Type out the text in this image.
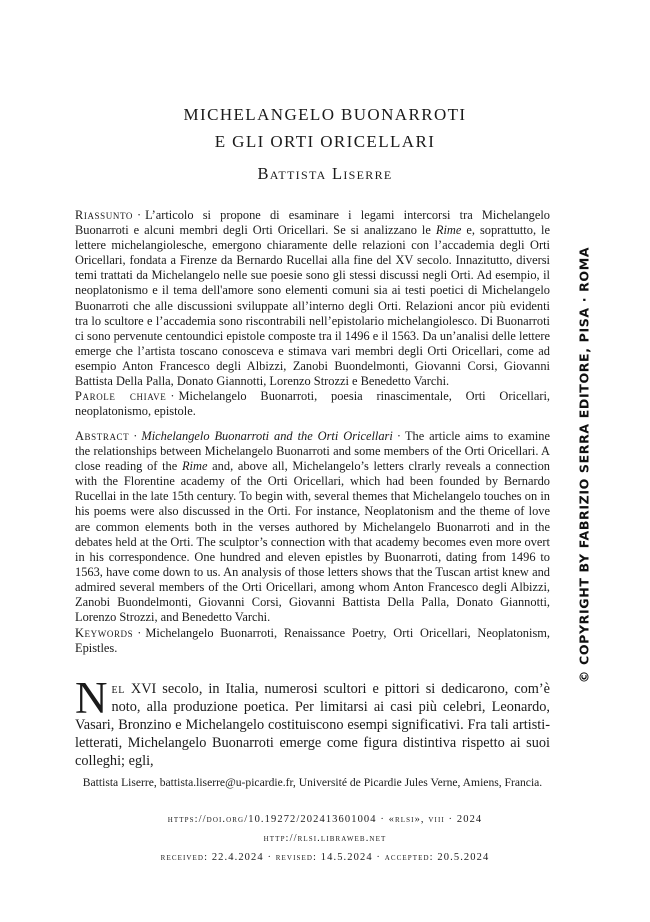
MICHELANGELO BUONARROTI
E GLI ORTI ORICELLARI

Battista Liserre

Riassunto · L’articolo si propone di esaminare i legami intercorsi tra Michelangelo Buonarroti e alcuni membri degli Orti Oricellari. Se si analizzano le Rime e, soprattutto, le lettere michelangiolesche, emergono chiaramente delle relazioni con l’accademia degli Orti Oricellari, fondata a Firenze da Bernardo Rucellai alla fine del XV secolo. Innazitutto, diversi temi trattati da Michelangelo nelle sue poesie sono gli stessi discussi negli Orti. Ad esempio, il neoplatonismo e il tema dell'amore sono elementi comuni sia ai testi poetici di Michelangelo Buonarroti che alle discussioni sviluppate all’interno degli Orti. Relazioni ancor più evidenti tra lo scultore e l’accademia sono riscontrabili nell’epistolario michelangiolesco. Di Buonarroti ci sono pervenute centoundici epistole composte tra il 1496 e il 1563. Da un’analisi delle lettere emerge che l’artista toscano conosceva e stimava vari membri degli Orti Oricellari, come ad esempio Anton Francesco degli Albizzi, Zanobi Buondelmonti, Giovanni Corsi, Giovanni Battista Della Palla, Donato Giannotti, Lorenzo Strozzi e Benedetto Varchi.

Parole chiave · Michelangelo Buonarroti, poesia rinascimentale, Orti Oricellari, neoplatonismo, epistole.

Abstract · Michelangelo Buonarroti and the Orti Oricellari · The article aims to examine the relationships between Michelangelo Buonarroti and some members of the Orti Oricellari. A close reading of the Rime and, above all, Michelangelo’s letters clrarly reveals a connection with the Florentine academy of the Orti Oricellari, which had been founded by Bernardo Rucellai in the late 15th century. To begin with, several themes that Michelangelo touches on in his poems were also discussed in the Orti. For instance, Neoplatonism and the theme of love are common elements both in the verses authored by Michelangelo Buonarroti and in the debates held at the Orti. The sculptor’s connection with that academy becomes even more overt in his correspondence. One hundred and eleven epistles by Buonarroti, dating from 1496 to 1563, have come down to us. An analysis of those letters shows that the Tuscan artist knew and admired several members of the Orti Oricellari, among whom Anton Francesco degli Albizzi, Zanobi Buondelmonti, Giovanni Corsi, Giovanni Battista Della Palla, Donato Giannotti, Lorenzo Strozzi, and Benedetto Varchi.

Keywords · Michelangelo Buonarroti, Renaissance Poetry, Orti Oricellari, Neoplatonism, Epistles.

Nel XVI secolo, in Italia, numerosi scultori e pittori si dedicarono, com’è noto, alla produzione poetica. Per limitarsi ai casi più celebri, Leonardo, Vasari, Bronzino e Michelangelo costituiscono esempi significativi. Fra tali artisti-letterati, Michelangelo Buonarroti emerge come figura distintiva rispetto ai suoi colleghi; egli,

Battista Liserre, battista.liserre@u-picardie.fr, Université de Picardie Jules Verne, Amiens, Francia.

https://doi.org/10.19272/202413601004 · «rlsi», viii · 2024

http://rlsi.libraweb.net

received: 22.4.2024 · revised: 14.5.2024 · accepted: 20.5.2024

© COPYRIGHT BY FABRIZIO SERRA EDITORE, PISA · ROMA
